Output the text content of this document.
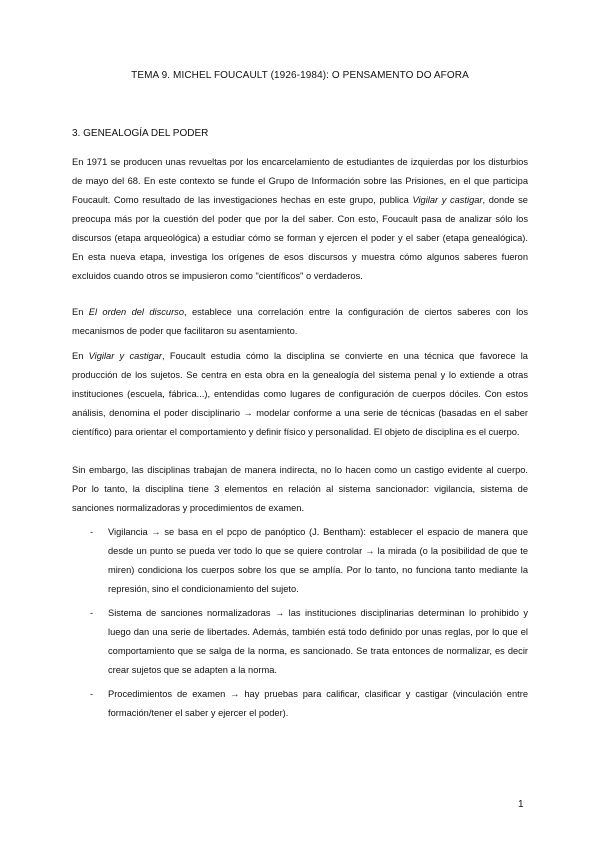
TEMA 9. MICHEL FOUCAULT (1926-1984): O PENSAMENTO DO AFORA
3. GENEALOGÍA DEL PODER

En 1971 se producen unas revueltas por los encarcelamiento de estudiantes de izquierdas por los disturbios de mayo del 68. En este contexto se funde el Grupo de Información sobre las Prisiones, en el que participa Foucault. Como resultado de las investigaciones hechas en este grupo, publica Vigilar y castigar, donde se preocupa más por la cuestión del poder que por la del saber. Con esto, Foucault pasa de analizar sólo los discursos (etapa arqueológica) a estudiar cómo se forman y ejercen el poder y el saber (etapa genealógica). En esta nueva etapa, investiga los orígenes de esos discursos y muestra cómo algunos saberes fueron excluidos cuando otros se impusieron como "científicos" o verdaderos.

En El orden del discurso, establece una correlación entre la configuración de ciertos saberes con los mecanismos de poder que facilitaron su asentamiento.

En Vigilar y castigar, Foucault estudia cómo la disciplina se convierte en una técnica que favorece la producción de los sujetos. Se centra en esta obra en la genealogía del sistema penal y lo extiende a otras instituciones (escuela, fábrica...), entendidas como lugares de configuración de cuerpos dóciles. Con estos análisis, denomina el poder disciplinario → modelar conforme a una serie de técnicas (basadas en el saber científico) para orientar el comportamiento y definir físico y personalidad. El objeto de disciplina es el cuerpo.

Sin embargo, las disciplinas trabajan de manera indirecta, no lo hacen como un castigo evidente al cuerpo. Por lo tanto, la disciplina tiene 3 elementos en relación al sistema sancionador: vigilancia, sistema de sanciones normalizadoras y procedimientos de examen.

- Vigilancia → se basa en el pcpo de panóptico (J. Bentham): establecer el espacio de manera que desde un punto se pueda ver todo lo que se quiere controlar → la mirada (o la posibilidad de que te miren) condiciona los cuerpos sobre los que se amplía. Por lo tanto, no funciona tanto mediante la represión, sino el condicionamiento del sujeto.
- Sistema de sanciones normalizadoras → las instituciones disciplinarias determinan lo prohibido y luego dan una serie de libertades. Además, también está todo definido por unas reglas, por lo que el comportamiento que se salga de la norma, es sancionado. Se trata entonces de normalizar, es decir crear sujetos que se adapten a la norma.
- Procedimientos de examen → hay pruebas para calificar, clasificar y castigar (vinculación entre formación/tener el saber y ejercer el poder).
1
